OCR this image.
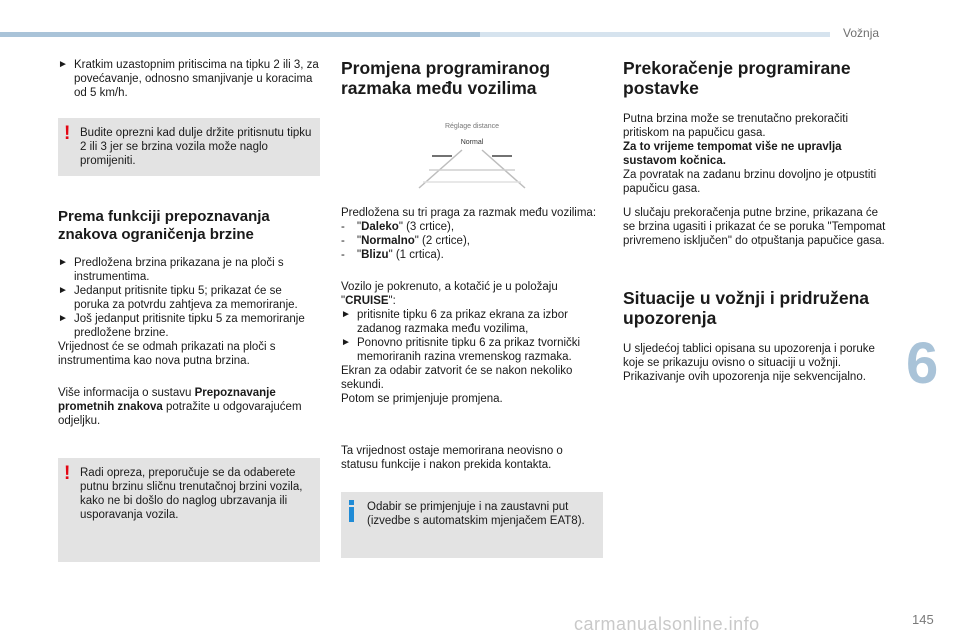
Vožnja
6
145
carmanualsonline.info

► Kratkim uzastopnim pritiscima na tipku 2 ili 3, za povećavanje, odnosno smanjivanje u koracima od 5 km/h.

! Budite oprezni kad dulje držite pritisnutu tipku 2 ili 3 jer se brzina vozila može naglo promijeniti.
Prema funkciji prepoznavanja znakova ograničenja brzine

► Predložena brzina prikazana je na ploči s instrumentima.

► Jedanput pritisnite tipku 5; prikazat će se poruka za potvrdu zahtjeva za memoriranje.

► Još jedanput pritisnite tipku 5 za memoriranje predložene brzine.

Vrijednost će se odmah prikazati na ploči s instrumentima kao nova putna brzina.

Više informacija o sustavu Prepoznavanje prometnih znakova potražite u odgovarajućem odjeljku.

! Radi opreza, preporučuje se da odaberete putnu brzinu sličnu trenutačnoj brzini vozila, kako ne bi došlo do naglog ubrzavanja ili usporavanja vozila.
Promjena programiranog razmaka među vozilima
Réglage distance
Normal

Predložena su tri praga za razmak među vozilima:

- "Daleko" (3 crtice),

- "Normalno" (2 crtice),

- "Blizu" (1 crtica).

Vozilo je pokrenuto, a kotačić je u položaju "CRUISE":

► pritisnite tipku 6 za prikaz ekrana za izbor zadanog razmaka među vozilima,

► Ponovno pritisnite tipku 6 za prikaz tvornički memoriranih razina vremenskog razmaka.

Ekran za odabir zatvorit će se nakon nekoliko sekundi.

Potom se primjenjuje promjena.

Ta vrijednost ostaje memorirana neovisno o statusu funkcije i nakon prekida kontakta.

Odabir se primjenjuje i na zaustavni put (izvedbe s automatskim mjenjačem EAT8).
Prekoračenje programirane postavke

Putna brzina može se trenutačno prekoračiti pritiskom na papučicu gasa.
Za to vrijeme tempomat više ne upravlja sustavom kočnica.
Za povratak na zadanu brzinu dovoljno je otpustiti papučicu gasa.

U slučaju prekoračenja putne brzine, prikazana će se brzina ugasiti i prikazat će se poruka "Tempomat privremeno isključen" do otpuštanja papučice gasa.

Situacije u vožnji i pridružena upozorenja

U sljedećoj tablici opisana su upozorenja i poruke koje se prikazuju ovisno o situaciji u vožnji.
Prikazivanje ovih upozorenja nije sekvencijalno.
